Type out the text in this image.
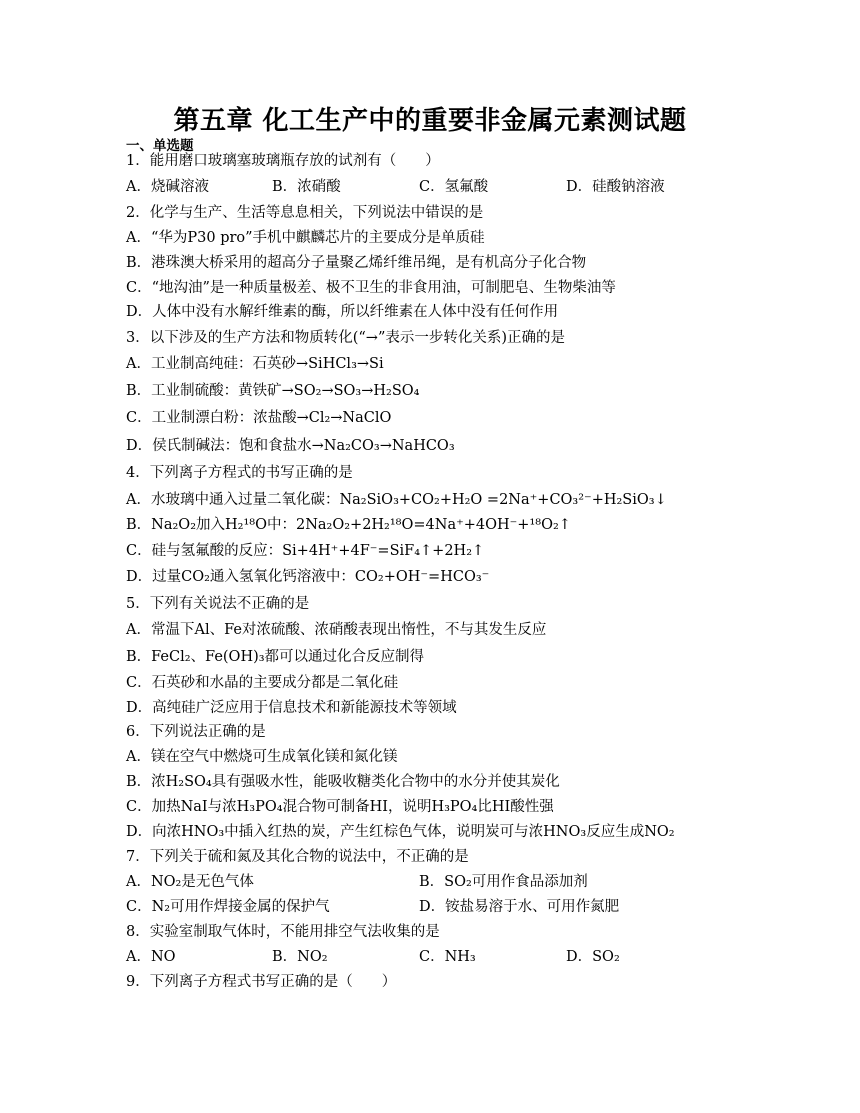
第五章 化工生产中的重要非金属元素测试题
一、单选题
1．能用磨口玻璃塞玻璃瓶存放的试剂有（　　）
A．烧碱溶液	B．浓硝酸	C．氢氟酸	D．硅酸钠溶液
2．化学与生产、生活等息息相关，下列说法中错误的是
A．“华为P30 pro”手机中麒麟芯片的主要成分是单质硅
B．港珠澳大桥采用的超高分子量聚乙烯纤维吊绳，是有机高分子化合物
C．“地沟油”是一种质量极差、极不卫生的非食用油，可制肥皂、生物柴油等
D．人体中没有水解纤维素的酶，所以纤维素在人体中没有任何作用
3．以下涉及的生产方法和物质转化(“→”表示一步转化关系)正确的是
A．工业制高纯硅：石英砂→SiHCl₃→Si
B．工业制硫酸：黄铁矿→SO₂→SO₃→H₂SO₄
C．工业制漂白粉：浓盐酸→Cl₂→NaClO
D．侯氏制碱法：饱和食盐水→Na₂CO₃→NaHCO₃
4．下列离子方程式的书写正确的是
A．水玻璃中通入过量二氧化碳：Na₂SiO₃+CO₂+H₂O =2Na⁺+CO₃²⁻+H₂SiO₃↓
B．Na₂O₂加入H₂¹⁸O中：2Na₂O₂+2H₂¹⁸O=4Na⁺+4OH⁻+¹⁸O₂↑
C．硅与氢氟酸的反应：Si+4H⁺+4F⁻=SiF₄↑+2H₂↑
D．过量CO₂通入氢氧化钙溶液中：CO₂+OH⁻=HCO₃⁻
5．下列有关说法不正确的是
A．常温下Al、Fe对浓硫酸、浓硝酸表现出惰性，不与其发生反应
B．FeCl₂、Fe(OH)₃都可以通过化合反应制得
C．石英砂和水晶的主要成分都是二氧化硅
D．高纯硅广泛应用于信息技术和新能源技术等领域
6．下列说法正确的是
A．镁在空气中燃烧可生成氧化镁和氮化镁
B．浓H₂SO₄具有强吸水性，能吸收糖类化合物中的水分并使其炭化
C．加热NaI与浓H₃PO₄混合物可制备HI，说明H₃PO₄比HI酸性强
D．向浓HNO₃中插入红热的炭，产生红棕色气体，说明炭可与浓HNO₃反应生成NO₂
7．下列关于硫和氮及其化合物的说法中，不正确的是
A．NO₂是无色气体	B．SO₂可用作食品添加剂
C．N₂可用作焊接金属的保护气	D．铵盐易溶于水、可用作氮肥
8．实验室制取气体时，不能用排空气法收集的是
A．NO	B．NO₂	C．NH₃	D．SO₂
9．下列离子方程式书写正确的是（　　）
